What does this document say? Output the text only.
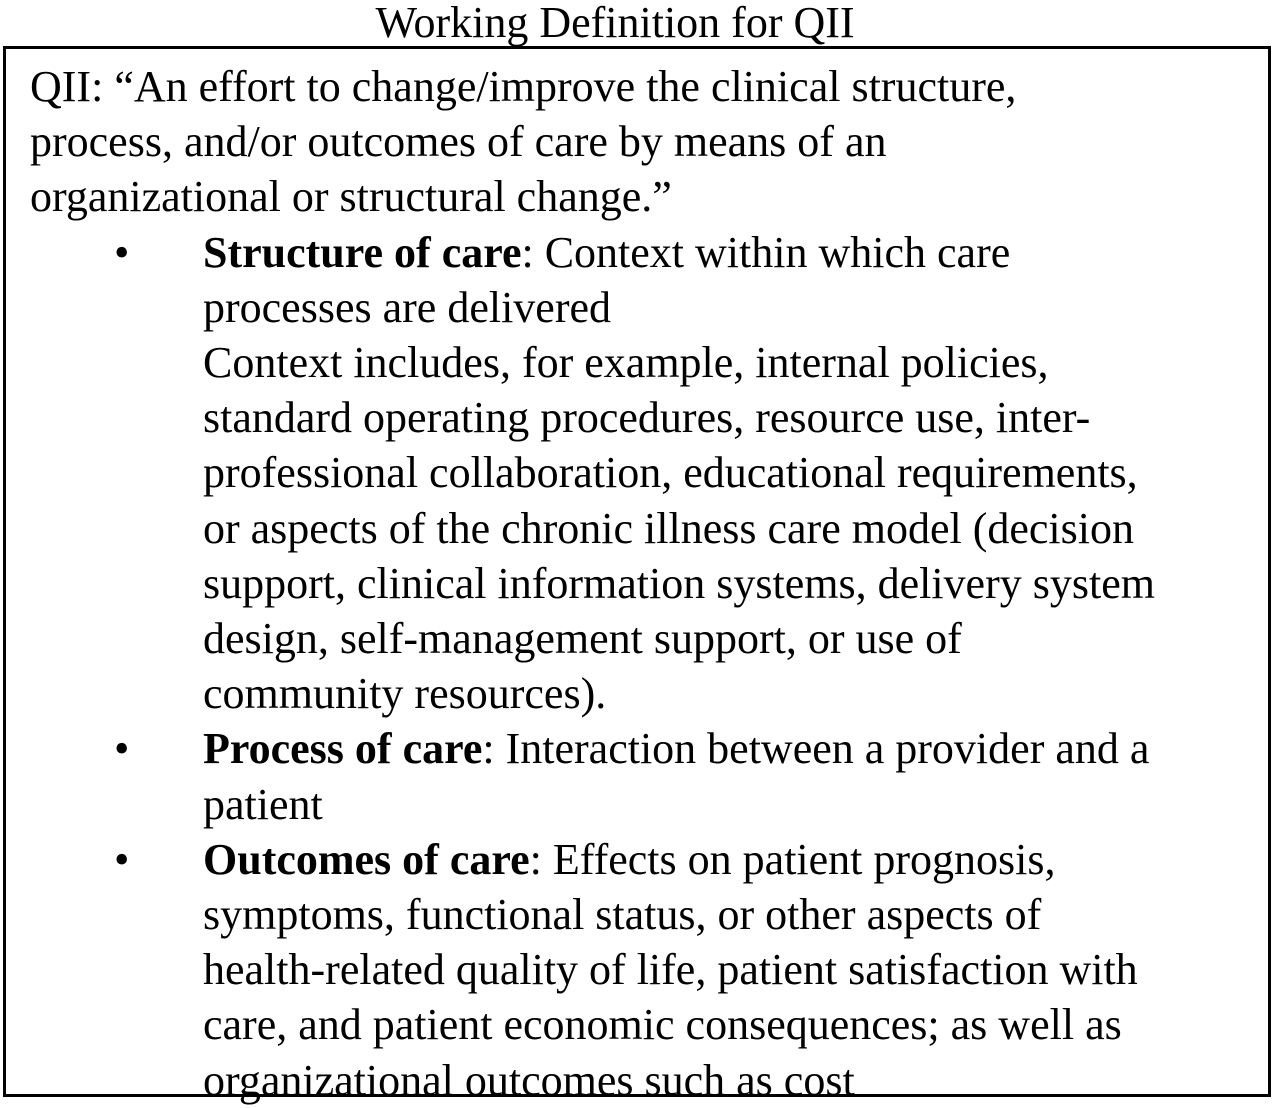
Working Definition for QII

QII: “An effort to change/improve the clinical structure,
process, and/or outcomes of care by means of an
organizational or structural change.”

• Structure of care: Context within which care
processes are delivered
Context includes, for example, internal policies,
standard operating procedures, resource use, inter-
professional collaboration, educational requirements,
or aspects of the chronic illness care model (decision
support, clinical information systems, delivery system
design, self-management support, or use of
community resources).
• Process of care: Interaction between a provider and a
patient
• Outcomes of care: Effects on patient prognosis,
symptoms, functional status, or other aspects of
health-related quality of life, patient satisfaction with
care, and patient economic consequences; as well as
organizational outcomes such as cost
